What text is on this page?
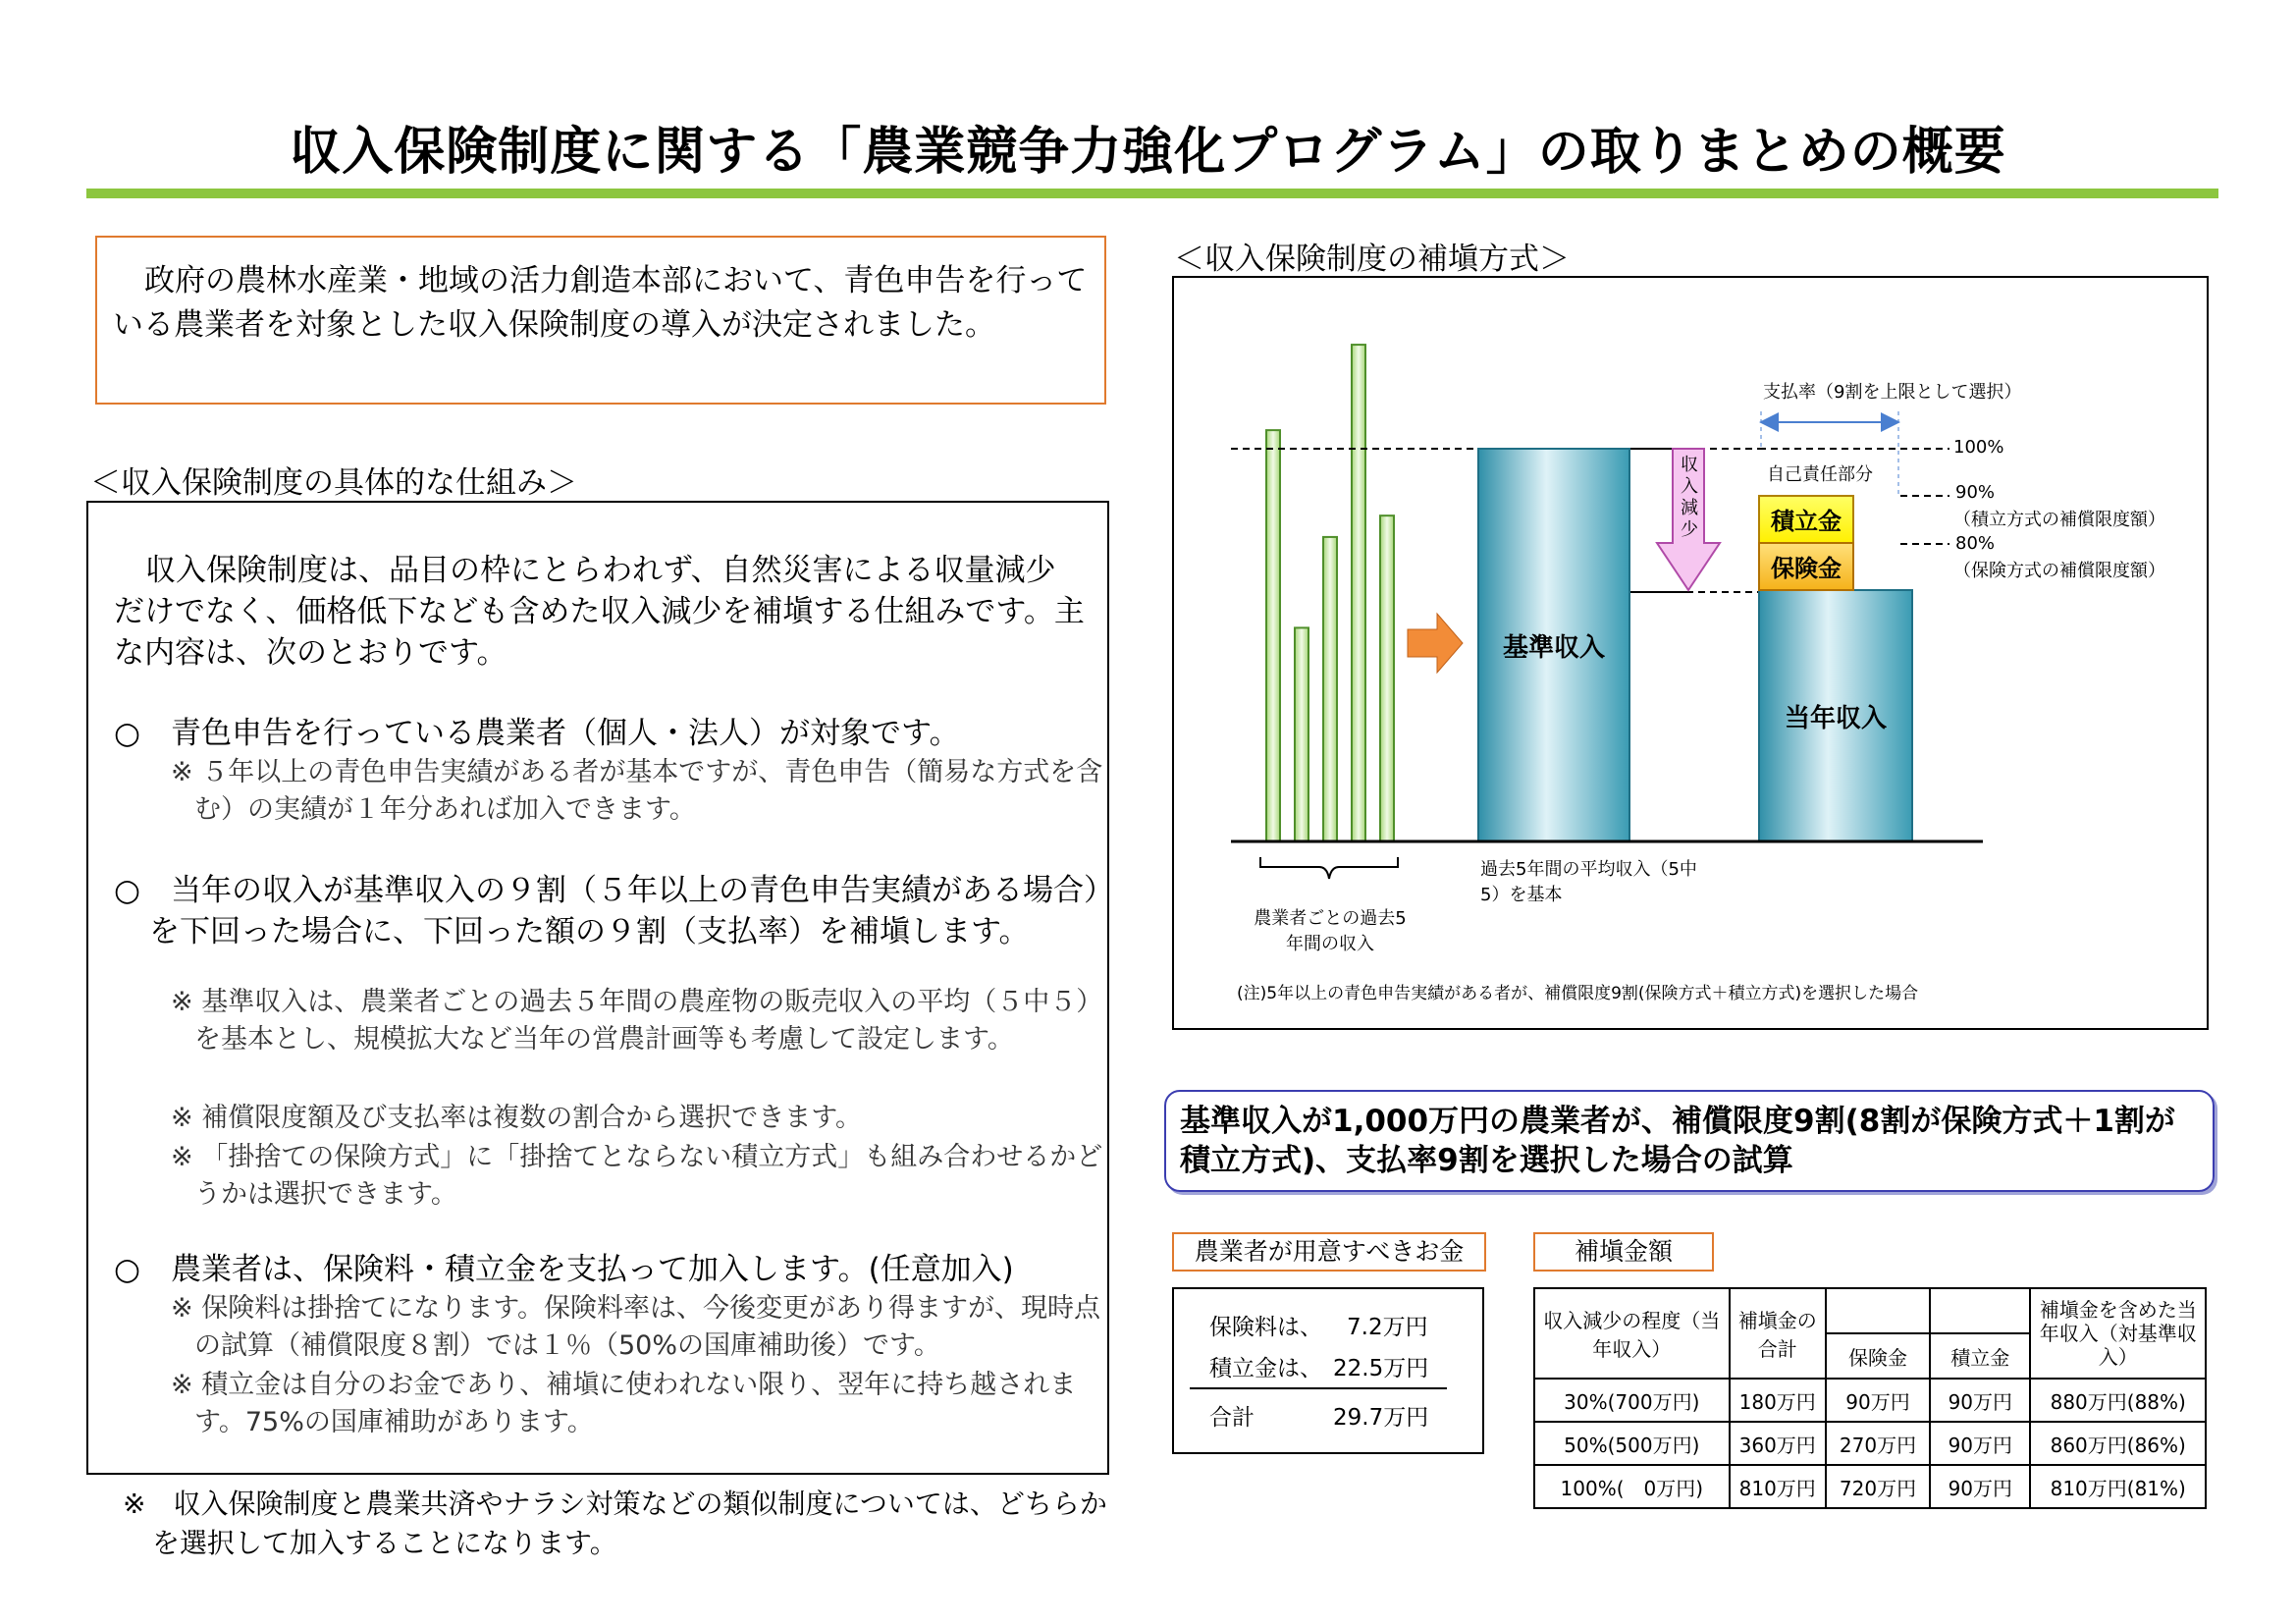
収入保険制度に関する「農業競争力強化プログラム」の取りまとめの概要
政府の農林水産業・地域の活力創造本部において、青色申告を行っている農業者を対象とした収入保険制度の導入が決定されました。
＜収入保険制度の具体的な仕組み＞

収入保険制度は、品目の枠にとらわれず、自然災害による収量減少だけでなく、価格低下なども含めた収入減少を補塡する仕組みです。主な内容は、次のとおりです。

○　青色申告を行っている農業者（個人・法人）が対象です。

※ ５年以上の青色申告実績がある者が基本ですが、青色申告（簡易な方式を含む）の実績が１年分あれば加入できます。

○　当年の収入が基準収入の９割（５年以上の青色申告実績がある場合）を下回った場合に、下回った額の９割（支払率）を補塡します。

※ 基準収入は、農業者ごとの過去５年間の農産物の販売収入の平均（５中５）を基本とし、規模拡大など当年の営農計画等も考慮して設定します。

※ 補償限度額及び支払率は複数の割合から選択できます。

※ 「掛捨ての保険方式」に「掛捨てとならない積立方式」も組み合わせるかどうかは選択できます。

○　農業者は、保険料・積立金を支払って加入します。(任意加入)

※ 保険料は掛捨てになります。保険料率は、今後変更があり得ますが、現時点の試算（補償限度８割）では１％（50%の国庫補助後）です。

※ 積立金は自分のお金であり、補塡に使われない限り、翌年に持ち越されます。75%の国庫補助があります。

※　収入保険制度と農業共済やナラシ対策などの類似制度については、どちらかを選択して加入することになります。
＜収入保険制度の補塡方式＞
支払率（9割を上限として選択）
自己責任部分
積立金
保険金
基準収入
当年収入
収入減少
100%
90%
（積立方式の補償限度額）
80%
（保険方式の補償限度額）
農業者ごとの過去5年間の収入
過去5年間の平均収入（5中5）を基本
(注)5年以上の青色申告実績がある者が、補償限度9割(保険方式＋積立方式)を選択した場合
基準収入が1,000万円の農業者が、補償限度9割(8割が保険方式＋1割が積立方式)、支払率9割を選択した場合の試算
農業者が用意すべきお金
保険料は、 7.2万円
積立金は、 22.5万円
合計	29.7万円
補塡金額
収入減少の程度（当年収入）	補塡金の合計			補塡金を含めた当年収入（対基準収入）
		保険金	積立金	
30%(700万円)	180万円	90万円	90万円	880万円(88%)
50%(500万円)	360万円	270万円	90万円	860万円(86%)
100%(　0万円)	810万円	720万円	90万円	810万円(81%)
